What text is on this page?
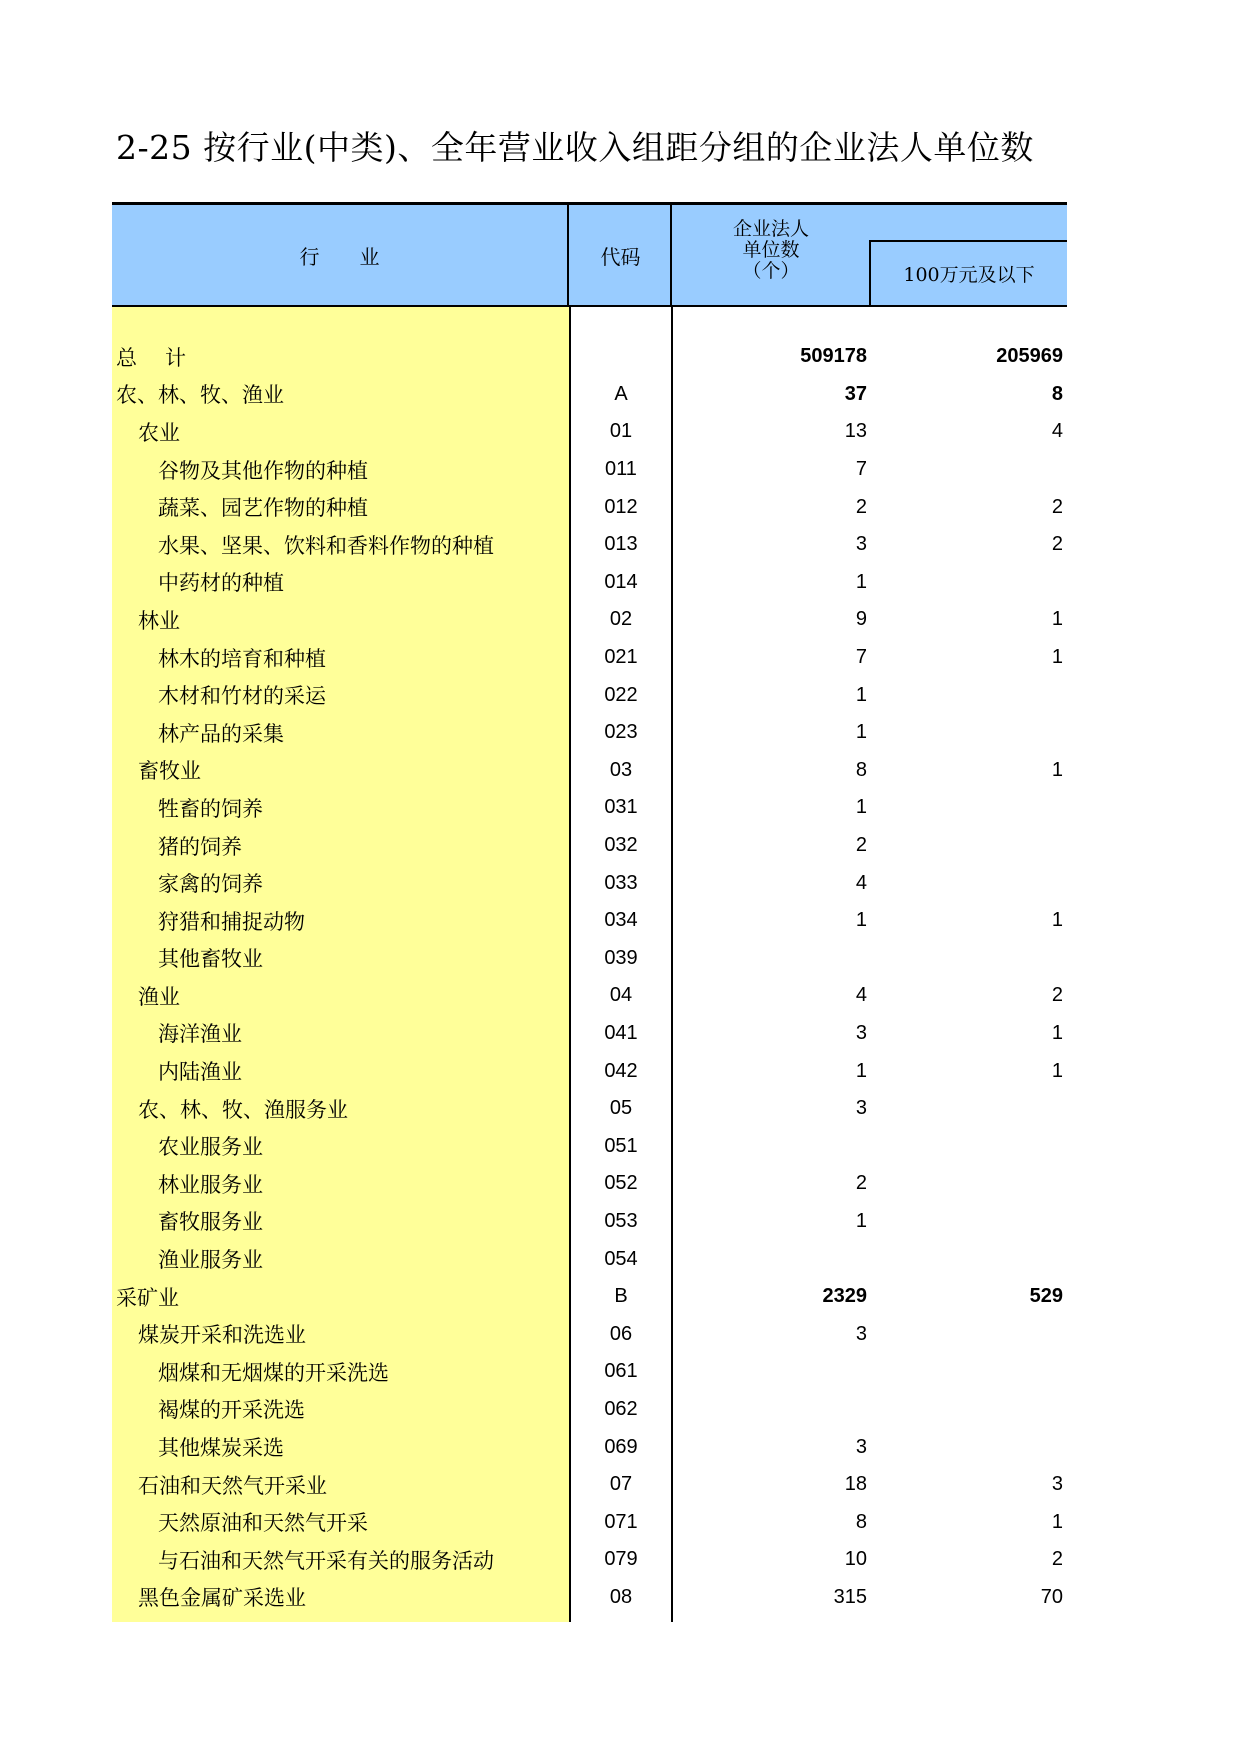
2-25 按行业(中类)、全年营业收入组距分组的企业法人单位数
行业	代码
企业法人
单位数
（个）	100万元及以下
总计	509178	205969
农、林、牧、渔业	A	37	8
农业	01	13	4
谷物及其他作物的种植	011	7
蔬菜、园艺作物的种植	012	2	2
水果、坚果、饮料和香料作物的种植	013	3	2
中药材的种植	014	1
林业	02	9	1
林木的培育和种植	021	7	1
木材和竹材的采运	022	1
林产品的采集	023	1
畜牧业	03	8	1
牲畜的饲养	031	1
猪的饲养	032	2
家禽的饲养	033	4
狩猎和捕捉动物	034	1	1
其他畜牧业	039
渔业	04	4	2
海洋渔业	041	3	1
内陆渔业	042	1	1
农、林、牧、渔服务业	05	3
农业服务业	051
林业服务业	052	2
畜牧服务业	053	1
渔业服务业	054
采矿业	B	2329	529
煤炭开采和洗选业	06	3
烟煤和无烟煤的开采洗选	061
褐煤的开采洗选	062
其他煤炭采选	069	3
石油和天然气开采业	07	18	3
天然原油和天然气开采	071	8	1
与石油和天然气开采有关的服务活动	079	10	2
黑色金属矿采选业	08	315	70
